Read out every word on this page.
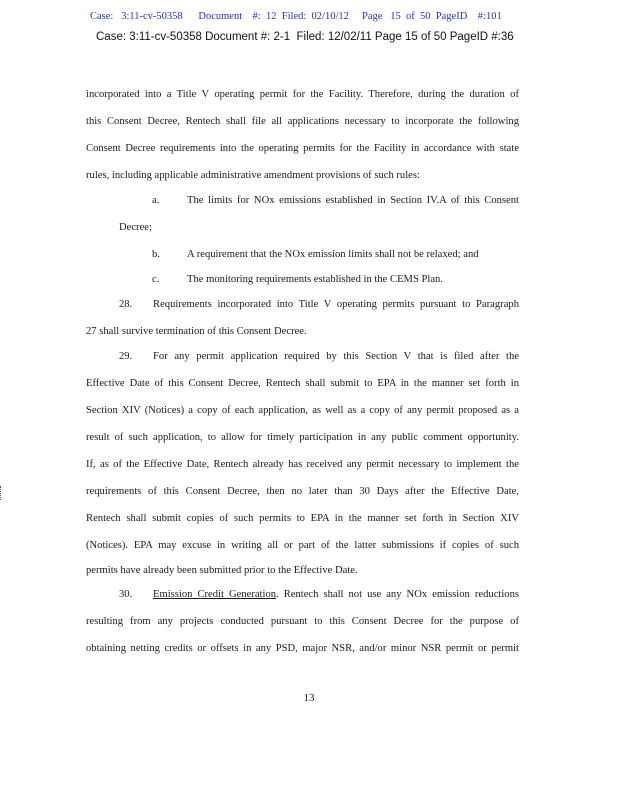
Case:   3:11-cv-50358      Document    #:  12  Filed:  02/10/12     Page   15  of  50  PageID    #:101
Case: 3:11-cv-50358 Document #: 2-1  Filed: 12/02/11 Page 15 of 50 PageID #:36
incorporated into a Title V operating permit for the Facility. Therefore, during the duration of
this Consent Decree, Rentech shall file all applications necessary to incorporate the following
Consent Decree requirements into the operating permits for the Facility in accordance with state
rules, including applicable administrative amendment provisions of such rules:
a.	The limits for NOx emissions established in Section IV.A of this Consent
Decree;
b.	A requirement that the NOx emission limits shall not be relaxed; and
c.	The monitoring requirements established in the CEMS Plan.
28. Requirements incorporated into Title V operating permits pursuant to Paragraph
27 shall survive termination of this Consent Decree.
29. For any permit application required by this Section V that is filed after the
Effective Date of this Consent Decree, Rentech shall submit to EPA in the manner set forth in
Section XIV (Notices) a copy of each application, as well as a copy of any permit proposed as a
result of such application, to allow for timely participation in any public comment opportunity.
If, as of the Effective Date, Rentech already has received any permit necessary to implement the
requirements of this Consent Decree, then no later than 30 Days after the Effective Date,
Rentech shall submit copies of such permits to EPA in the manner set forth in Section XIV
(Notices). EPA may excuse in writing all or part of the latter submissions if copies of such
permits have already been submitted prior to the Effective Date.
30. Emission Credit Generation. Rentech shall not use any NOx emission reductions
resulting from any projects conducted pursuant to this Consent Decree for the purpose of
obtaining netting credits or offsets in any PSD, major NSR, and/or minor NSR permit or permit
13
